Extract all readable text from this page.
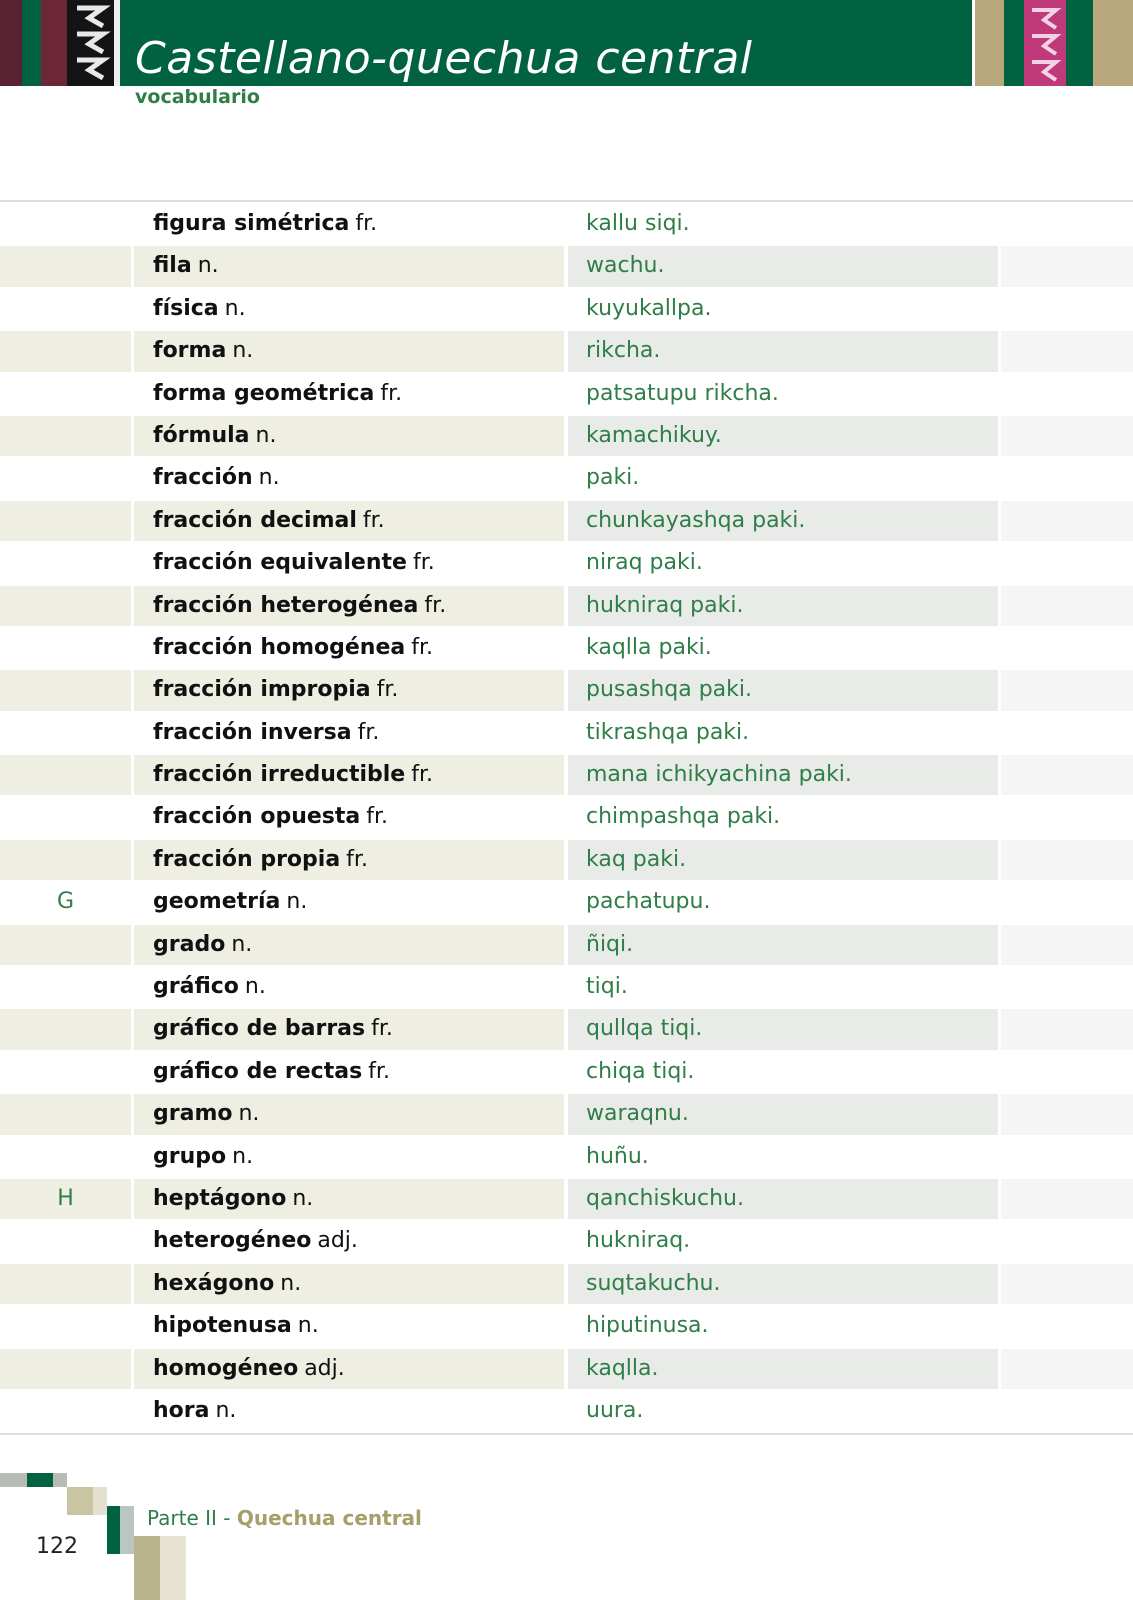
Castellano-quechua central
vocabulario
figura simétrica fr.	kallu siqi.
fila n.	wachu.
física n.	kuyukallpa.
forma n.	rikcha.
forma geométrica fr.	patsatupu rikcha.
fórmula n.	kamachikuy.
fracción n.	paki.
fracción decimal fr.	chunkayashqa paki.
fracción equivalente fr.	niraq paki.
fracción heterogénea fr.	hukniraq paki.
fracción homogénea fr.	kaqlla paki.
fracción impropia fr.	pusashqa paki.
fracción inversa fr.	tikrashqa paki.
fracción irreductible fr.	mana ichikyachina paki.
fracción opuesta fr.	chimpashqa paki.
fracción propia fr.	kaq paki.
G	geometría n.	pachatupu.
grado n.	ñiqi.
gráfico n.	tiqi.
gráfico de barras fr.	qullqa tiqi.
gráfico de rectas fr.	chiqa tiqi.
gramo n.	waraqnu.
grupo n.	huñu.
H	heptágono n.	qanchiskuchu.
heterogéneo adj.	hukniraq.
hexágono n.	suqtakuchu.
hipotenusa n.	hiputinusa.
homogéneo adj.	kaqlla.
hora n.	uura.
Parte II - Quechua central
122
